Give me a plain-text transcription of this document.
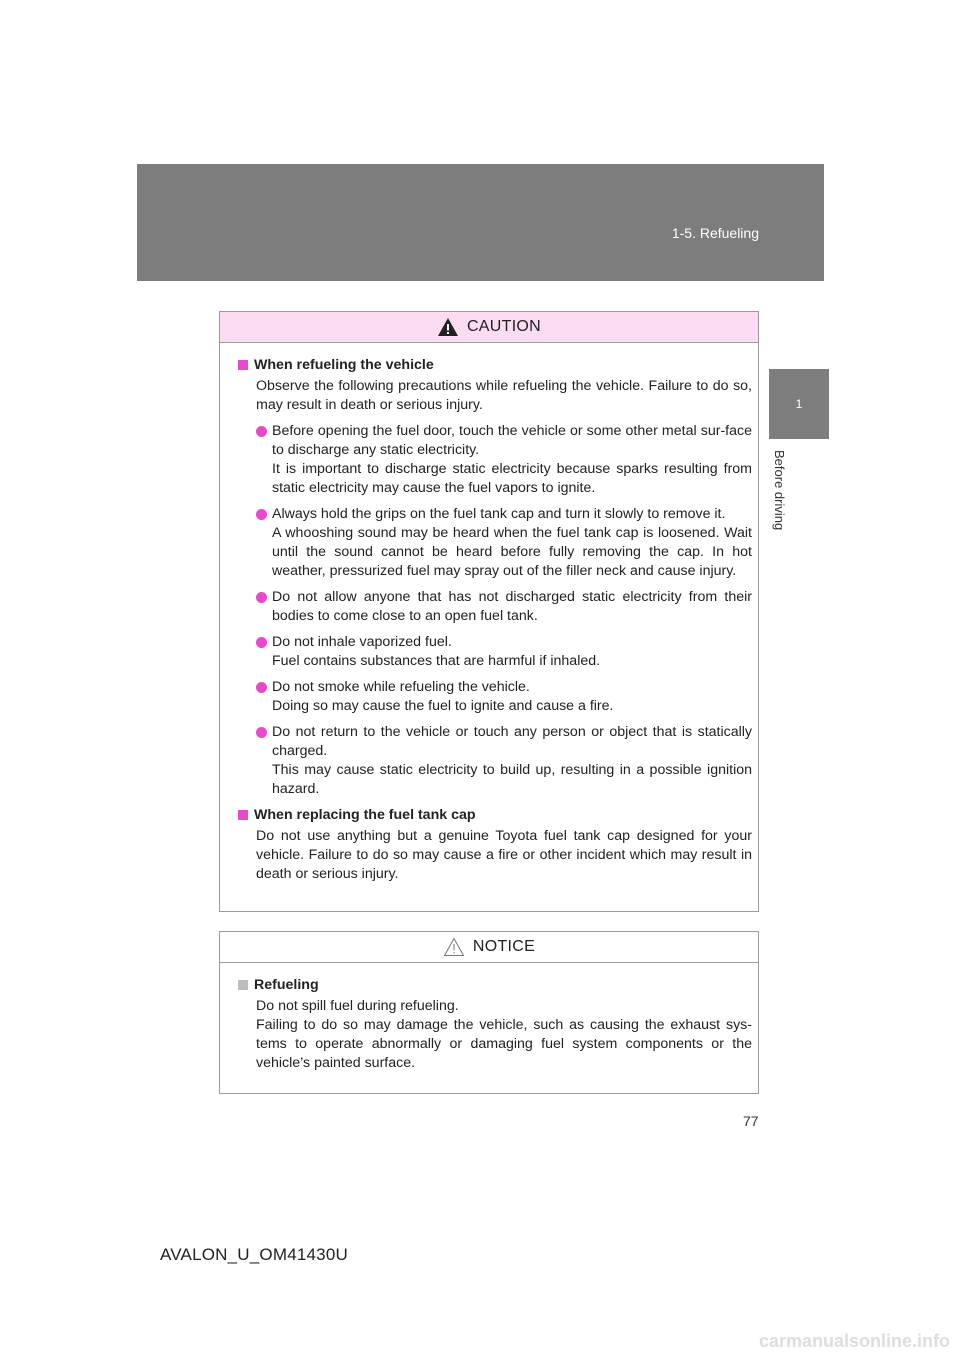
1-5. Refueling
1
Before driving
CAUTION
When refueling the vehicle
Observe the following precautions while refueling the vehicle. Failure to do so, may result in death or serious injury.
Before opening the fuel door, touch the vehicle or some other metal sur-face to discharge any static electricity.
It is important to discharge static electricity because sparks resulting from static electricity may cause the fuel vapors to ignite.
Always hold the grips on the fuel tank cap and turn it slowly to remove it.
A whooshing sound may be heard when the fuel tank cap is loosened. Wait until the sound cannot be heard before fully removing the cap. In hot weather, pressurized fuel may spray out of the filler neck and cause injury.
Do not allow anyone that has not discharged static electricity from their bodies to come close to an open fuel tank.
Do not inhale vaporized fuel.
Fuel contains substances that are harmful if inhaled.
Do not smoke while refueling the vehicle.
Doing so may cause the fuel to ignite and cause a fire.
Do not return to the vehicle or touch any person or object that is statically charged.
This may cause static electricity to build up, resulting in a possible ignition hazard.
When replacing the fuel tank cap
Do not use anything but a genuine Toyota fuel tank cap designed for your vehicle. Failure to do so may cause a fire or other incident which may result in death or serious injury.
NOTICE
Refueling
Do not spill fuel during refueling.
Failing to do so may damage the vehicle, such as causing the exhaust sys-tems to operate abnormally or damaging fuel system components or the vehicle’s painted surface.
77
AVALON_U_OM41430U
carmanualsonline.info
